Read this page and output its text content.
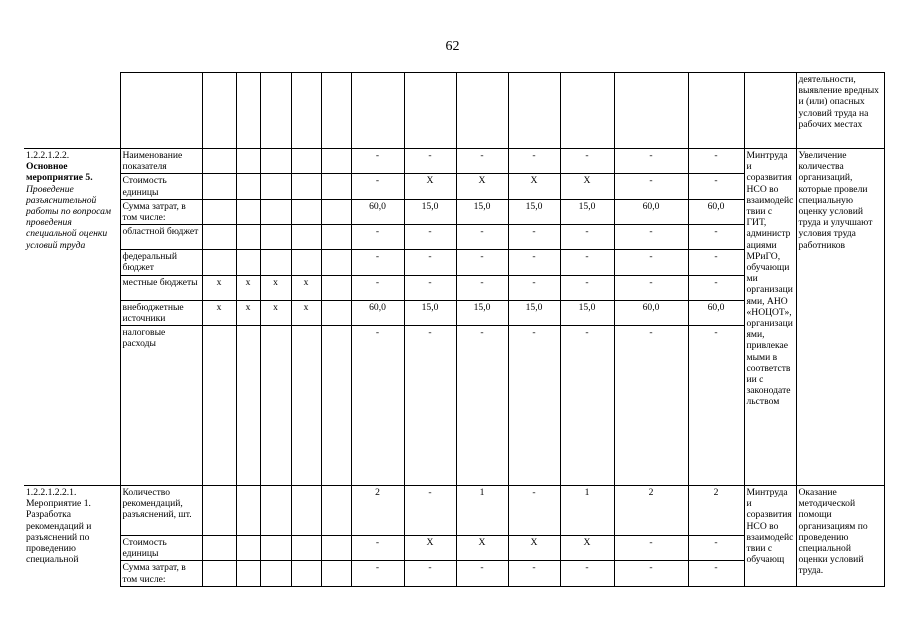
62
															деятельности, выявление вредных и (или) опасных условий труда на рабочих местах

1.2.2.1.2.2.
Основное мероприятие 5.
Проведение разъяснительной работы по вопросам проведения специальной оценки условий труда	Наименование показателя						-	-	-	-	-	-	-	Минтруда и соразвития НСО во взаимодействии с ГИТ, администрациями МРиГО, обучающими организациями, АНО «НОЦОТ», организациями, привлекаемыми в соответствии с законодательством	Увеличение количества организаций, которые провели специальную оценку условий труда и улучшают условия труда работников
	Стоимость единицы						-	Х	Х	Х	Х	-	-		
	Сумма затрат, в том числе:						60,0	15,0	15,0	15,0	15,0	60,0	60,0		
	областной бюджет						-	-	-	-	-	-	-		
	федеральный бюджет						-	-	-	-	-	-	-		
	местные бюджеты	х	х	х	х		-	-	-	-	-	-	-		
	внебюджетные источники	х	х	х	х		60,0	15,0	15,0	15,0	15,0	60,0	60,0		
	налоговые расходы						-	-	-	-	-	-	-		

1.2.2.1.2.2.1.
Мероприятие 1. Разработка рекомендаций и разъяснений по проведению специальной	Количество рекомендаций, разъяснений, шт.						2	-	1	-	1	2	2	Минтруда и соразвития НСО во взаимодействии с обучающ	Оказание методической помощи организациям по проведению специальной оценки условий труда.
	Стоимость единицы						-	Х	Х	Х	Х	-	-		
	Сумма затрат, в том числе:						-	-	-	-	-	-	-		
